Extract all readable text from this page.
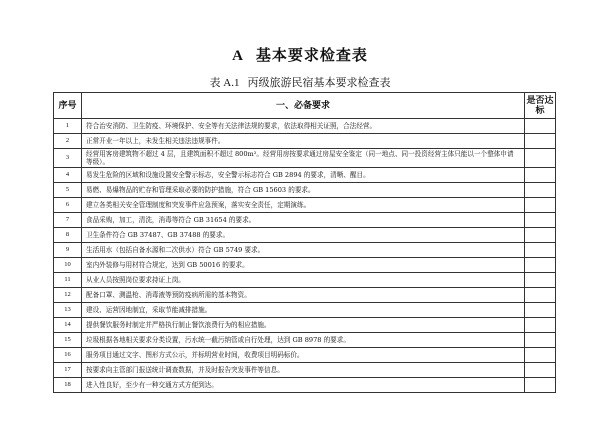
A 基本要求检查表
表 A.1 丙级旅游民宿基本要求检查表
序号	一、必备要求	是否达标
1	符合治安消防、卫生防疫、环境保护、安全等有关法律法规的要求，依法取得相关证照，合法经营。	
2	正常开业一年以上，未发生相关违法违规事件。	
3	经营用客房建筑物不超过 4 层，且建筑面积不超过 800m²。经营用房按要求通过房屋安全鉴定（同一地点、同一投资经营主体只能以一个整体申请等级）。	
4	易发生危险的区域和设施设置安全警示标志，安全警示标志符合 GB 2894 的要求，清晰、醒目。	
5	易燃、易爆物品的贮存和管理采取必要的防护措施，符合 GB 15603 的要求。	
6	建立各类相关安全管理制度和突发事件应急预案，落实安全责任，定期演练。	
7	食品采购，加工，清洗，消毒等符合 GB 31654 的要求。	
8	卫生条件符合 GB 37487、GB 37488 的要求。	
9	生活用水（包括自备水源和二次供水）符合 GB 5749 要求。	
10	室内外装修与用材符合规定，达到 GB 50016 的要求。	
11	从业人员按照岗位要求持证上岗。	
12	配备口罩、测温枪、消毒液等预防疫病所需的基本物资。	
13	建设、运营因地制宜，采取节能减排措施。	
14	提供餐饮服务时制定并严格执行制止餐饮浪费行为的相应措施。	
15	垃圾根据各地相关要求分类设置，污水统一截污纳管或自行处理，达到 GB 8978 的要求。	
16	服务项目通过文字、图形方式公示，并标明营业时间，收费项目明码标价。	
17	按要求向主管部门报送统计调查数据，并及时报告突发事件等信息。	
18	进入性良好，至少有一种交通方式方便到达。	
